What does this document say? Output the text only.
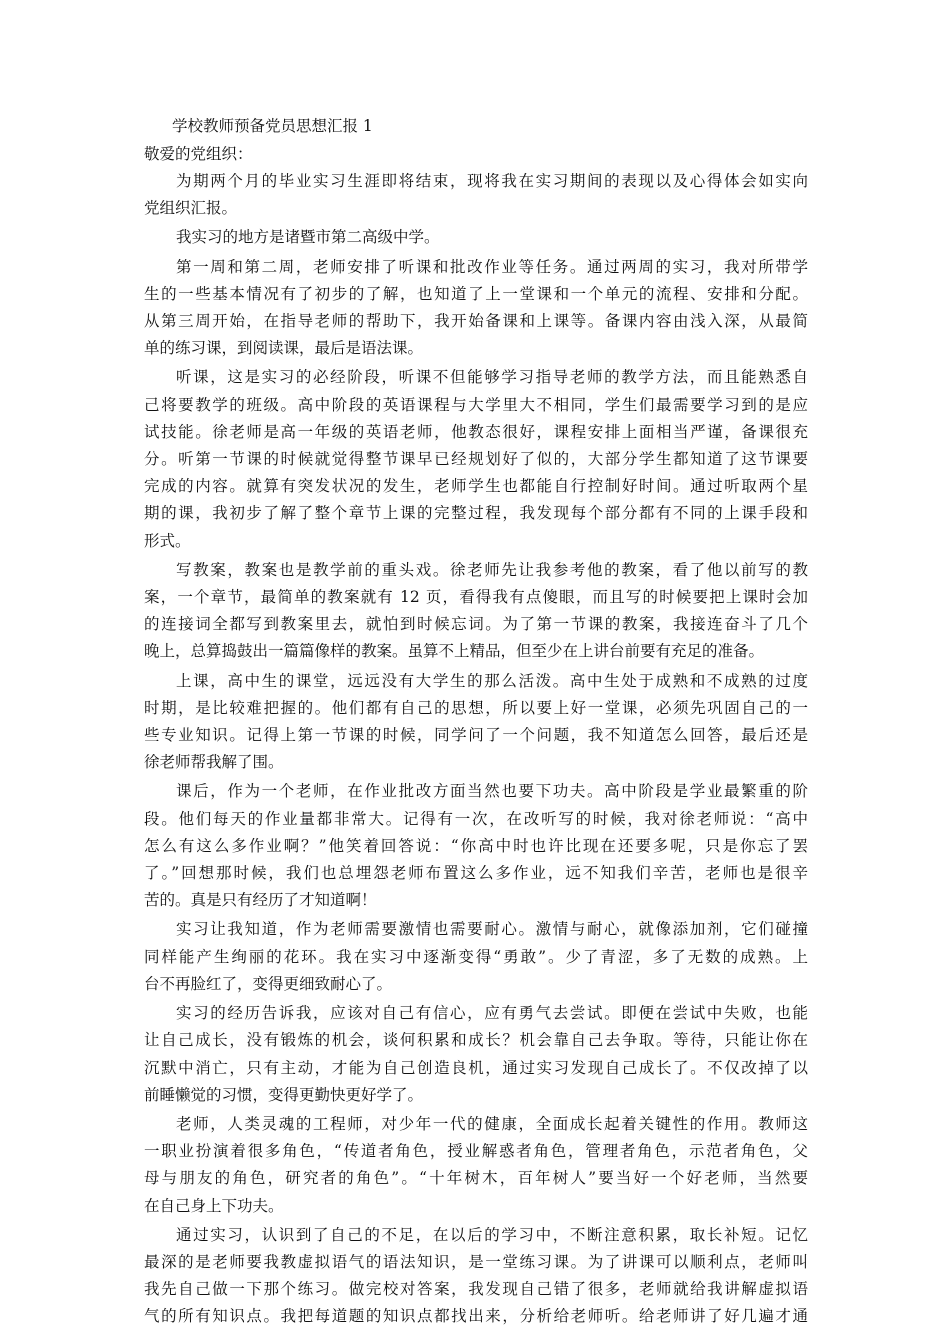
学校教师预备党员思想汇报 1

敬爱的党组织：

为期两个月的毕业实习生涯即将结束，现将我在实习期间的表现以及心得体会如实向
党组织汇报。

我实习的地方是诸暨市第二高级中学。

第一周和第二周，老师安排了听课和批改作业等任务。通过两周的实习，我对所带学
生的一些基本情况有了初步的了解，也知道了上一堂课和一个单元的流程、安排和分配。
从第三周开始，在指导老师的帮助下，我开始备课和上课等。备课内容由浅入深，从最简
单的练习课，到阅读课，最后是语法课。

听课，这是实习的必经阶段，听课不但能够学习指导老师的教学方法，而且能熟悉自
己将要教学的班级。高中阶段的英语课程与大学里大不相同，学生们最需要学习到的是应
试技能。徐老师是高一年级的英语老师，他教态很好，课程安排上面相当严谨，备课很充
分。听第一节课的时候就觉得整节课早已经规划好了似的，大部分学生都知道了这节课要
完成的内容。就算有突发状况的发生，老师学生也都能自行控制好时间。通过听取两个星
期的课，我初步了解了整个章节上课的完整过程，我发现每个部分都有不同的上课手段和
形式。

写教案，教案也是教学前的重头戏。徐老师先让我参考他的教案，看了他以前写的教
案，一个章节，最简单的教案就有 12 页，看得我有点傻眼，而且写的时候要把上课时会加
的连接词全都写到教案里去，就怕到时候忘词。为了第一节课的教案，我接连奋斗了几个
晚上，总算捣鼓出一篇篇像样的教案。虽算不上精品，但至少在上讲台前要有充足的准备。

上课，高中生的课堂，远远没有大学生的那么活泼。高中生处于成熟和不成熟的过度
时期，是比较难把握的。他们都有自己的思想，所以要上好一堂课，必须先巩固自己的一
些专业知识。记得上第一节课的时候，同学问了一个问题，我不知道怎么回答，最后还是
徐老师帮我解了围。

课后，作为一个老师，在作业批改方面当然也要下功夫。高中阶段是学业最繁重的阶
段。他们每天的作业量都非常大。记得有一次，在改听写的时候，我对徐老师说：“高中
怎么有这么多作业啊？”他笑着回答说：“你高中时也许比现在还要多呢，只是你忘了罢
了。”回想那时候，我们也总埋怨老师布置这么多作业，远不知我们辛苦，老师也是很辛
苦的。真是只有经历了才知道啊！

实习让我知道，作为老师需要激情也需要耐心。激情与耐心，就像添加剂，它们碰撞
同样能产生绚丽的花环。我在实习中逐渐变得“勇敢”。少了青涩，多了无数的成熟。上
台不再脸红了，变得更细致耐心了。

实习的经历告诉我，应该对自己有信心，应有勇气去尝试。即便在尝试中失败，也能
让自己成长，没有锻炼的机会，谈何积累和成长？机会靠自己去争取。等待，只能让你在
沉默中消亡，只有主动，才能为自己创造良机，通过实习发现自己成长了。不仅改掉了以
前睡懒觉的习惯，变得更勤快更好学了。

老师，人类灵魂的工程师，对少年一代的健康，全面成长起着关键性的作用。教师这
一职业扮演着很多角色，“传道者角色，授业解惑者角色，管理者角色，示范者角色，父
母与朋友的角色，研究者的角色”。“十年树木，百年树人”要当好一个好老师，当然要
在自己身上下功夫。

通过实习，认识到了自己的不足，在以后的学习中，不断注意积累，取长补短。记忆
最深的是老师要我教虚拟语气的语法知识，是一堂练习课。为了讲课可以顺利点，老师叫
我先自己做一下那个练习。做完校对答案，我发现自己错了很多，老师就给我讲解虚拟语
气的所有知识点。我把每道题的知识点都找出来，分析给老师听。给老师讲了好几遍才通
